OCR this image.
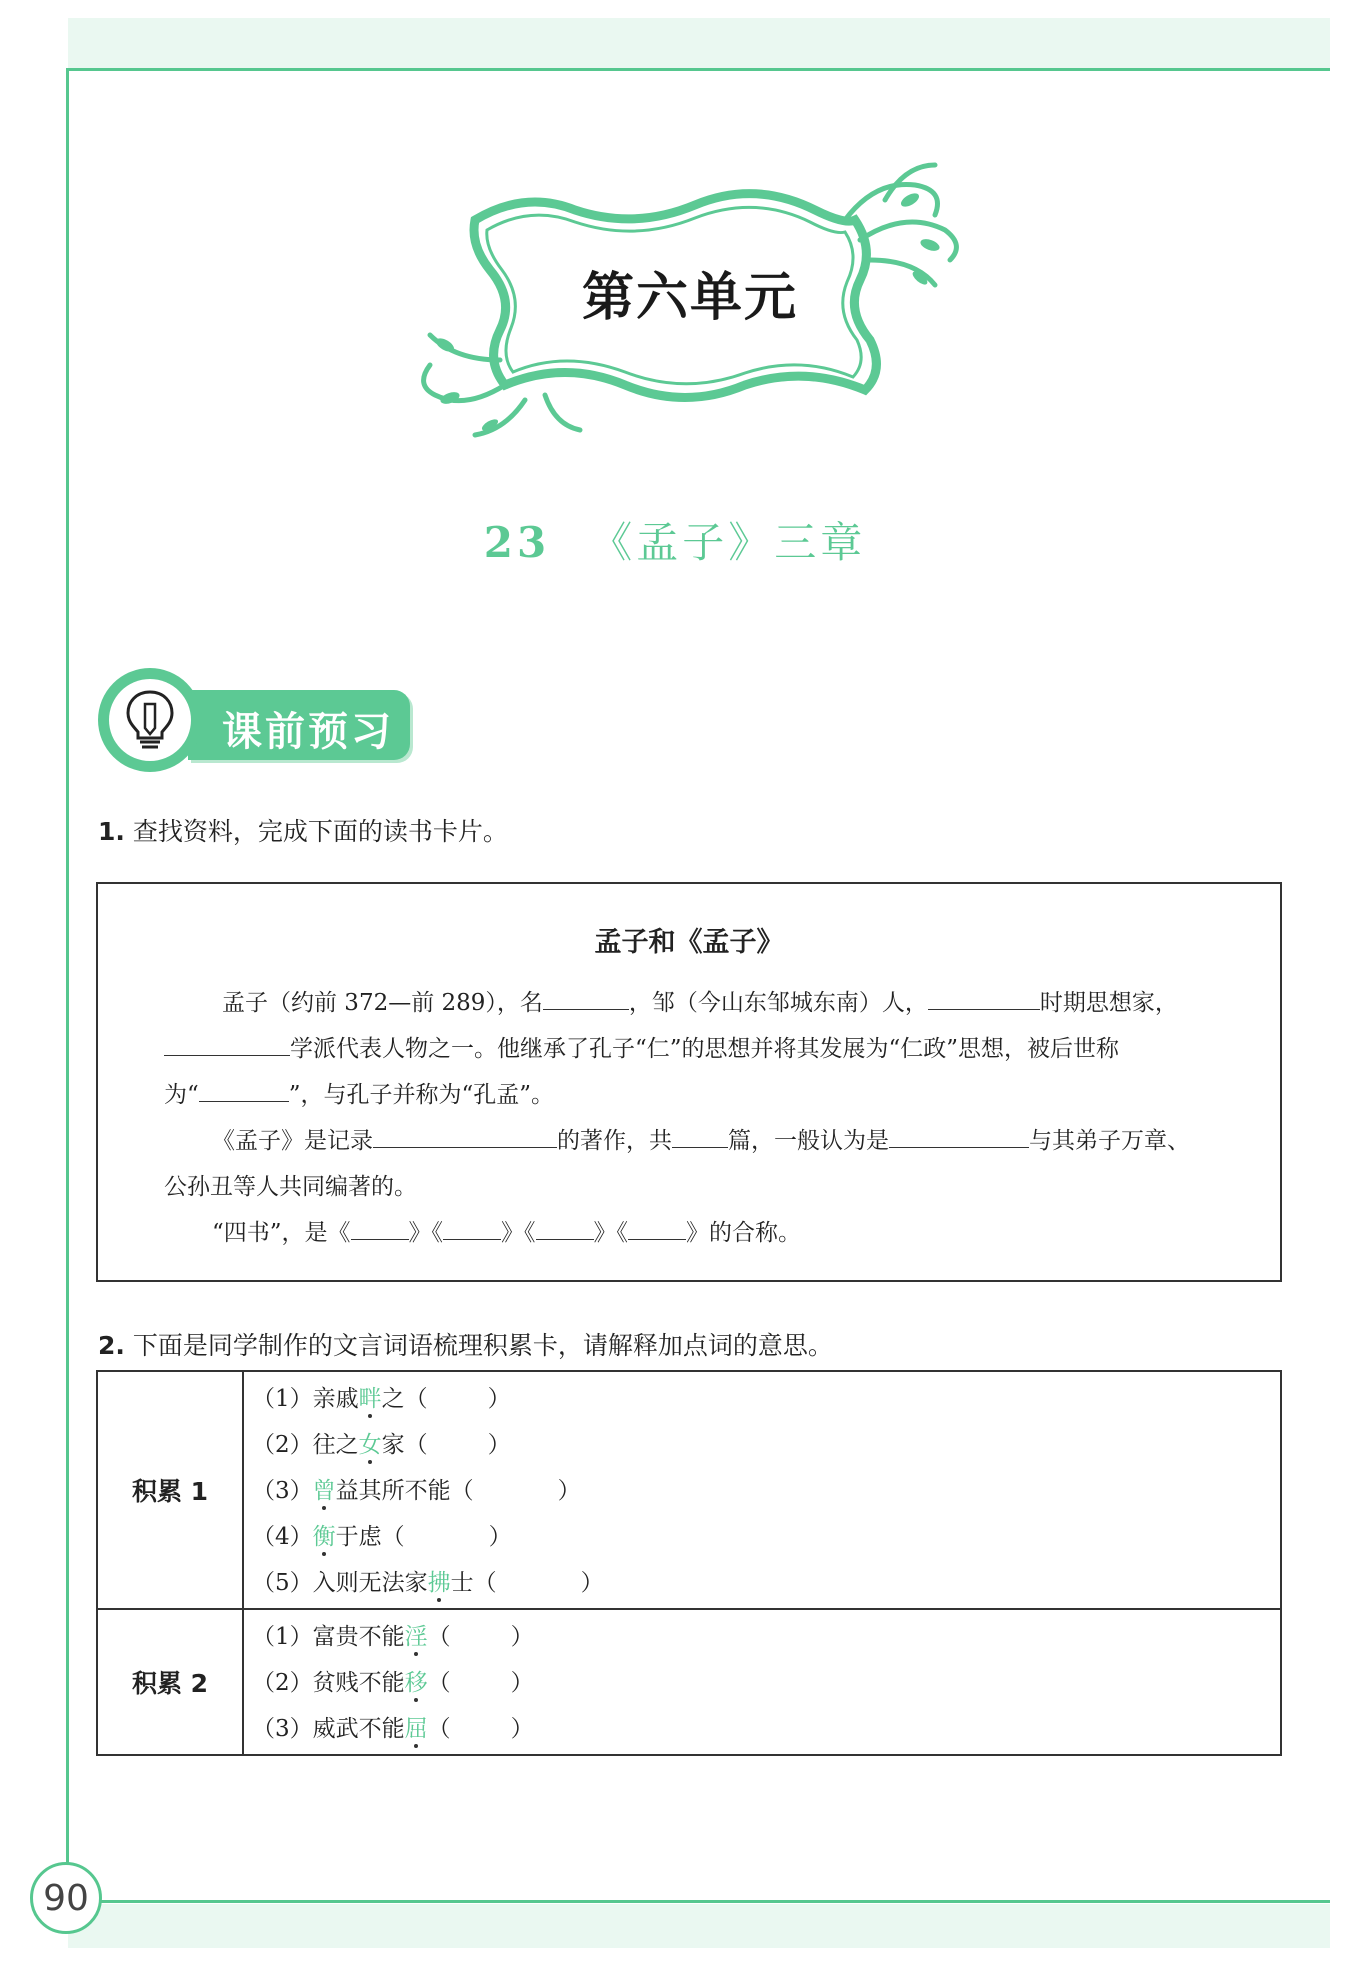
第六单元
23 《孟子》三章
课前预习
1. 查找资料，完成下面的读书卡片。
孟子和《孟子》
孟子（约前 372—前 289），名	，邹（今山东邹城东南）人，	时期思想家，
学派代表人物之一。他继承了孔子“仁”的思想并将其发展为“仁政”思想，被后世称
为“	”，与孔子并称为“孔孟”。
《孟子》是记录	的著作，共 篇，一般认为是	与其弟子万章、
公孙丑等人共同编著的。
“四书”，是《	》《	》《	》《	》的合称。
2. 下面是同学制作的文言词语梳理积累卡，请解释加点词的意思。
积累 1	（1）亲戚畔之（ ）
（2）往之女家（ ）
（3）曾益其所不能（ ）
（4）衡于虑（ ）
（5）入则无法家拂士（ ）

积累 2	（1）富贵不能淫（ ）
（2）贫贱不能移（ ）
（3）威武不能屈（ ）
90
